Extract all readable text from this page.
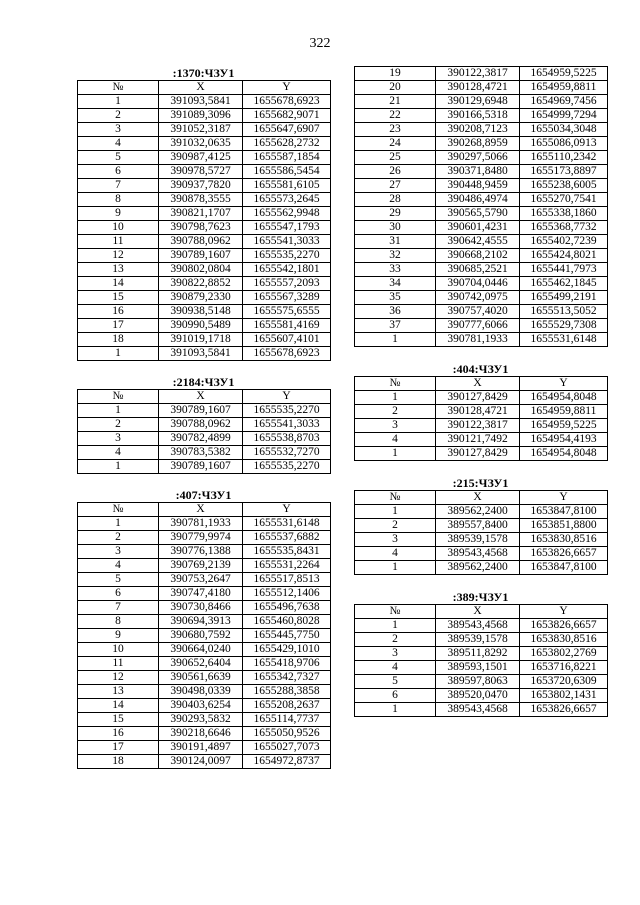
322
:1370:ЧЗУ1
№	X	Y
1	391093,5841	1655678,6923
2	391089,3096	1655682,9071
3	391052,3187	1655647,6907
4	391032,0635	1655628,2732
5	390987,4125	1655587,1854
6	390978,5727	1655586,5454
7	390937,7820	1655581,6105
8	390878,3555	1655573,2645
9	390821,1707	1655562,9948
10	390798,7623	1655547,1793
11	390788,0962	1655541,3033
12	390789,1607	1655535,2270
13	390802,0804	1655542,1801
14	390822,8852	1655557,2093
15	390879,2330	1655567,3289
16	390938,5148	1655575,6555
17	390990,5489	1655581,4169
18	391019,1718	1655607,4101
1	391093,5841	1655678,6923
:2184:ЧЗУ1
№	X	Y
1	390789,1607	1655535,2270
2	390788,0962	1655541,3033
3	390782,4899	1655538,8703
4	390783,5382	1655532,7270
1	390789,1607	1655535,2270
:407:ЧЗУ1
№	X	Y
1	390781,1933	1655531,6148
2	390779,9974	1655537,6882
3	390776,1388	1655535,8431
4	390769,2139	1655531,2264
5	390753,2647	1655517,8513
6	390747,4180	1655512,1406
7	390730,8466	1655496,7638
8	390694,3913	1655460,8028
9	390680,7592	1655445,7750
10	390664,0240	1655429,1010
11	390652,6404	1655418,9706
12	390561,6639	1655342,7327
13	390498,0339	1655288,3858
14	390403,6254	1655208,2637
15	390293,5832	1655114,7737
16	390218,6646	1655050,9526
17	390191,4897	1655027,7073
18	390124,0097	1654972,8737
19	390122,3817	1654959,5225
20	390128,4721	1654959,8811
21	390129,6948	1654969,7456
22	390166,5318	1654999,7294
23	390208,7123	1655034,3048
24	390268,8959	1655086,0913
25	390297,5066	1655110,2342
26	390371,8480	1655173,8897
27	390448,9459	1655238,6005
28	390486,4974	1655270,7541
29	390565,5790	1655338,1860
30	390601,4231	1655368,7732
31	390642,4555	1655402,7239
32	390668,2102	1655424,8021
33	390685,2521	1655441,7973
34	390704,0446	1655462,1845
35	390742,0975	1655499,2191
36	390757,4020	1655513,5052
37	390777,6066	1655529,7308
1	390781,1933	1655531,6148
:404:ЧЗУ1
№	X	Y
1	390127,8429	1654954,8048
2	390128,4721	1654959,8811
3	390122,3817	1654959,5225
4	390121,7492	1654954,4193
1	390127,8429	1654954,8048
:215:ЧЗУ1
№	X	Y
1	389562,2400	1653847,8100
2	389557,8400	1653851,8800
3	389539,1578	1653830,8516
4	389543,4568	1653826,6657
1	389562,2400	1653847,8100
:389:ЧЗУ1
№	X	Y
1	389543,4568	1653826,6657
2	389539,1578	1653830,8516
3	389511,8292	1653802,2769
4	389593,1501	1653716,8221
5	389597,8063	1653720,6309
6	389520,0470	1653802,1431
1	389543,4568	1653826,6657
